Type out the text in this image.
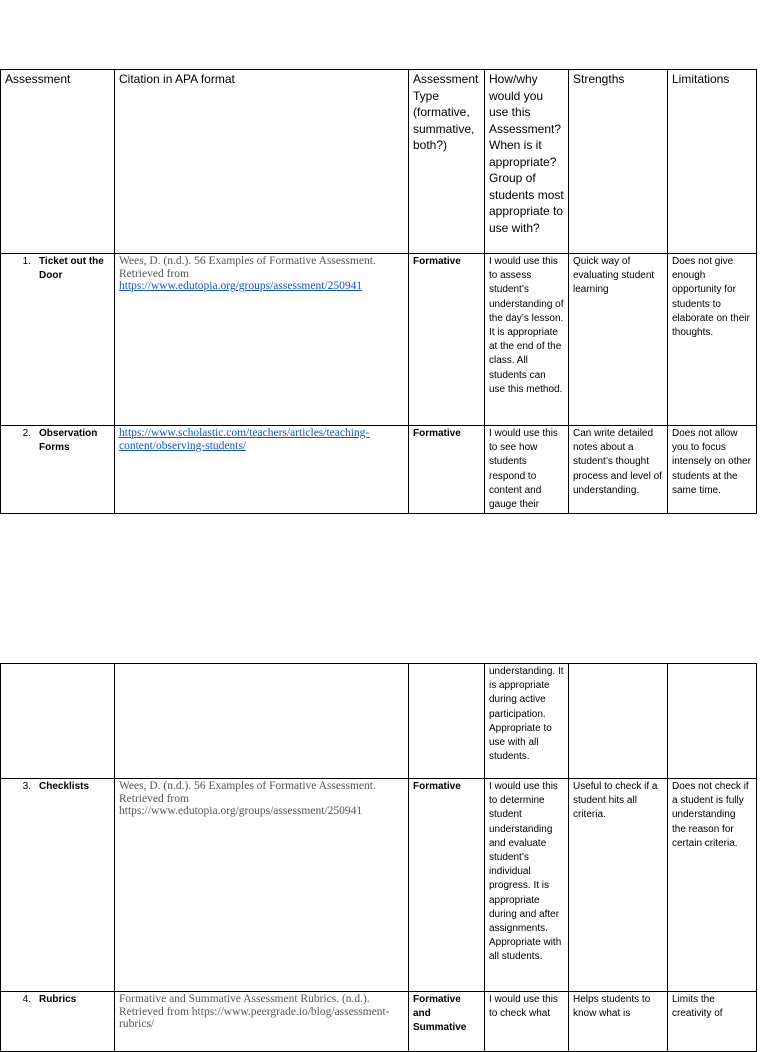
Assessment	Citation in APA format	Assessment Type (formative, summative, both?)	How/why would you use this Assessment? When is it appropriate? Group of students most appropriate to use with?	Strengths	Limitations

1. Ticket out the Door	Wees, D. (n.d.). 56 Examples of Formative Assessment. Retrieved from
https://www.edutopia.org/groups/assessment/250941	Formative	I would use this to assess student’s understanding of the day’s lesson. It is appropriate at the end of the class. All students can use this method.	Quick way of evaluating student learning	Does not give enough opportunity for students to elaborate on their thoughts.

2. Observation Forms	https://www.scholastic.com/teachers/articles/teaching-content/observing-students/	Formative	I would use this to see how students respond to content and gauge their	Can write detailed notes about a student’s thought process and level of understanding.	Does not allow you to focus intensely on other students at the same time.
			understanding. It is appropriate during active participation. Appropriate to use with all students.		

3. Checklists	Wees, D. (n.d.). 56 Examples of Formative Assessment. Retrieved from https://www.edutopia.org/groups/assessment/250941	Formative	I would use this to determine student understanding and evaluate student’s individual progress. It is appropriate during and after assignments. Appropriate with all students.	Useful to check if a student hits all criteria.	Does not check if a student is fully understanding the reason for certain criteria.

4. Rubrics	Formative and Summative Assessment Rubrics. (n.d.). Retrieved from https://www.peergrade.io/blog/assessment-rubrics/	Formative and Summative	I would use this to check what	Helps students to know what is	Limits the creativity of
